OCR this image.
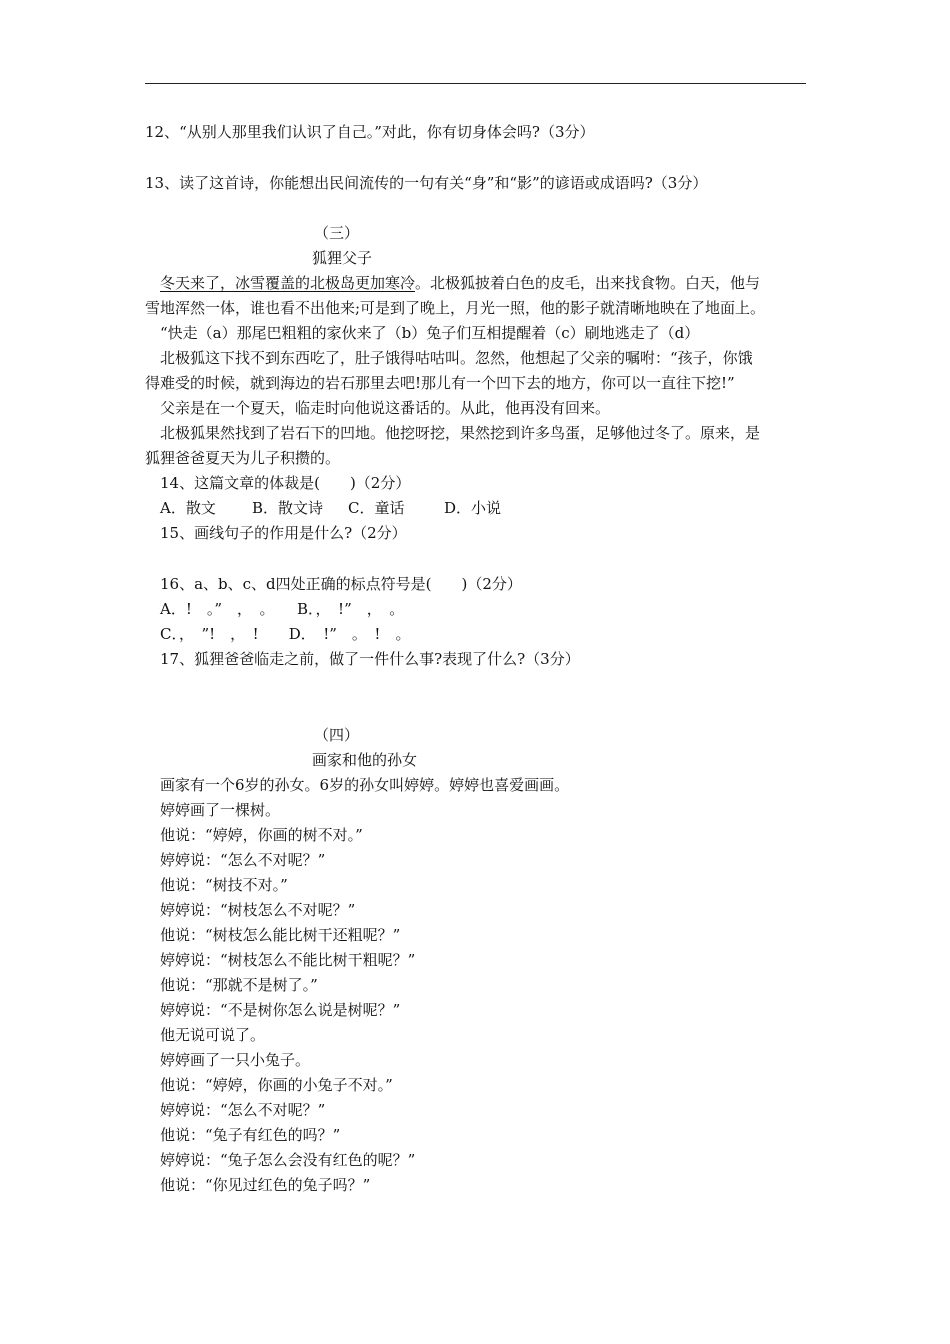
12、“从别人那里我们认识了自己。”对此，你有切身体会吗?（3分）
13、读了这首诗，你能想出民间流传的一句有关“身”和“影”的谚语或成语吗?（3分）
（三）
狐狸父子
冬天来了，冰雪覆盖的北极岛更加寒冷。北极狐披着白色的皮毛，出来找食物。白天，他与
雪地浑然一体，谁也看不出他来;可是到了晚上，月光一照，他的影子就清晰地映在了地面上。
“快走（a）那尾巴粗粗的家伙来了（b）兔子们互相提醒着（c）刷地逃走了（d）
北极狐这下找不到东西吃了，肚子饿得咕咕叫。忽然，他想起了父亲的嘱咐：“孩子，你饿
得难受的时候，就到海边的岩石那里去吧!那儿有一个凹下去的地方，你可以一直往下挖!”
父亲是在一个夏天，临走时向他说这番话的。从此，他再没有回来。
北极狐果然找到了岩石下的凹地。他挖呀挖，果然挖到许多鸟蛋，足够他过冬了。原来，是
狐狸爸爸夏天为儿子积攒的。
14、这篇文章的体裁是(　　)（2分）
A．散文 B．散文诗 C．童话	D．小说
15、画线句子的作用是什么?（2分）
16、a、b、c、d四处正确的标点符号是(　　)（2分）
A．!　。”　，　。　　B．，　!”　，　。
C．，　”!　，　!　　D．　!”　。　!　。
17、狐狸爸爸临走之前，做了一件什么事?表现了什么?（3分）
（四）
画家和他的孙女
画家有一个6岁的孙女。6岁的孙女叫婷婷。婷婷也喜爱画画。
婷婷画了一棵树。
他说：“婷婷，你画的树不对。”
婷婷说：“怎么不对呢？”
他说：“树技不对。”
婷婷说：“树枝怎么不对呢？”
他说：“树枝怎么能比树干还粗呢？”
婷婷说：“树枝怎么不能比树干粗呢？”
他说：“那就不是树了。”
婷婷说：“不是树你怎么说是树呢？”
他无说可说了。
婷婷画了一只小兔子。
他说：“婷婷，你画的小兔子不对。”
婷婷说：“怎么不对呢？”
他说：“兔子有红色的吗？”
婷婷说：“兔子怎么会没有红色的呢？”
他说：“你见过红色的兔子吗？”
